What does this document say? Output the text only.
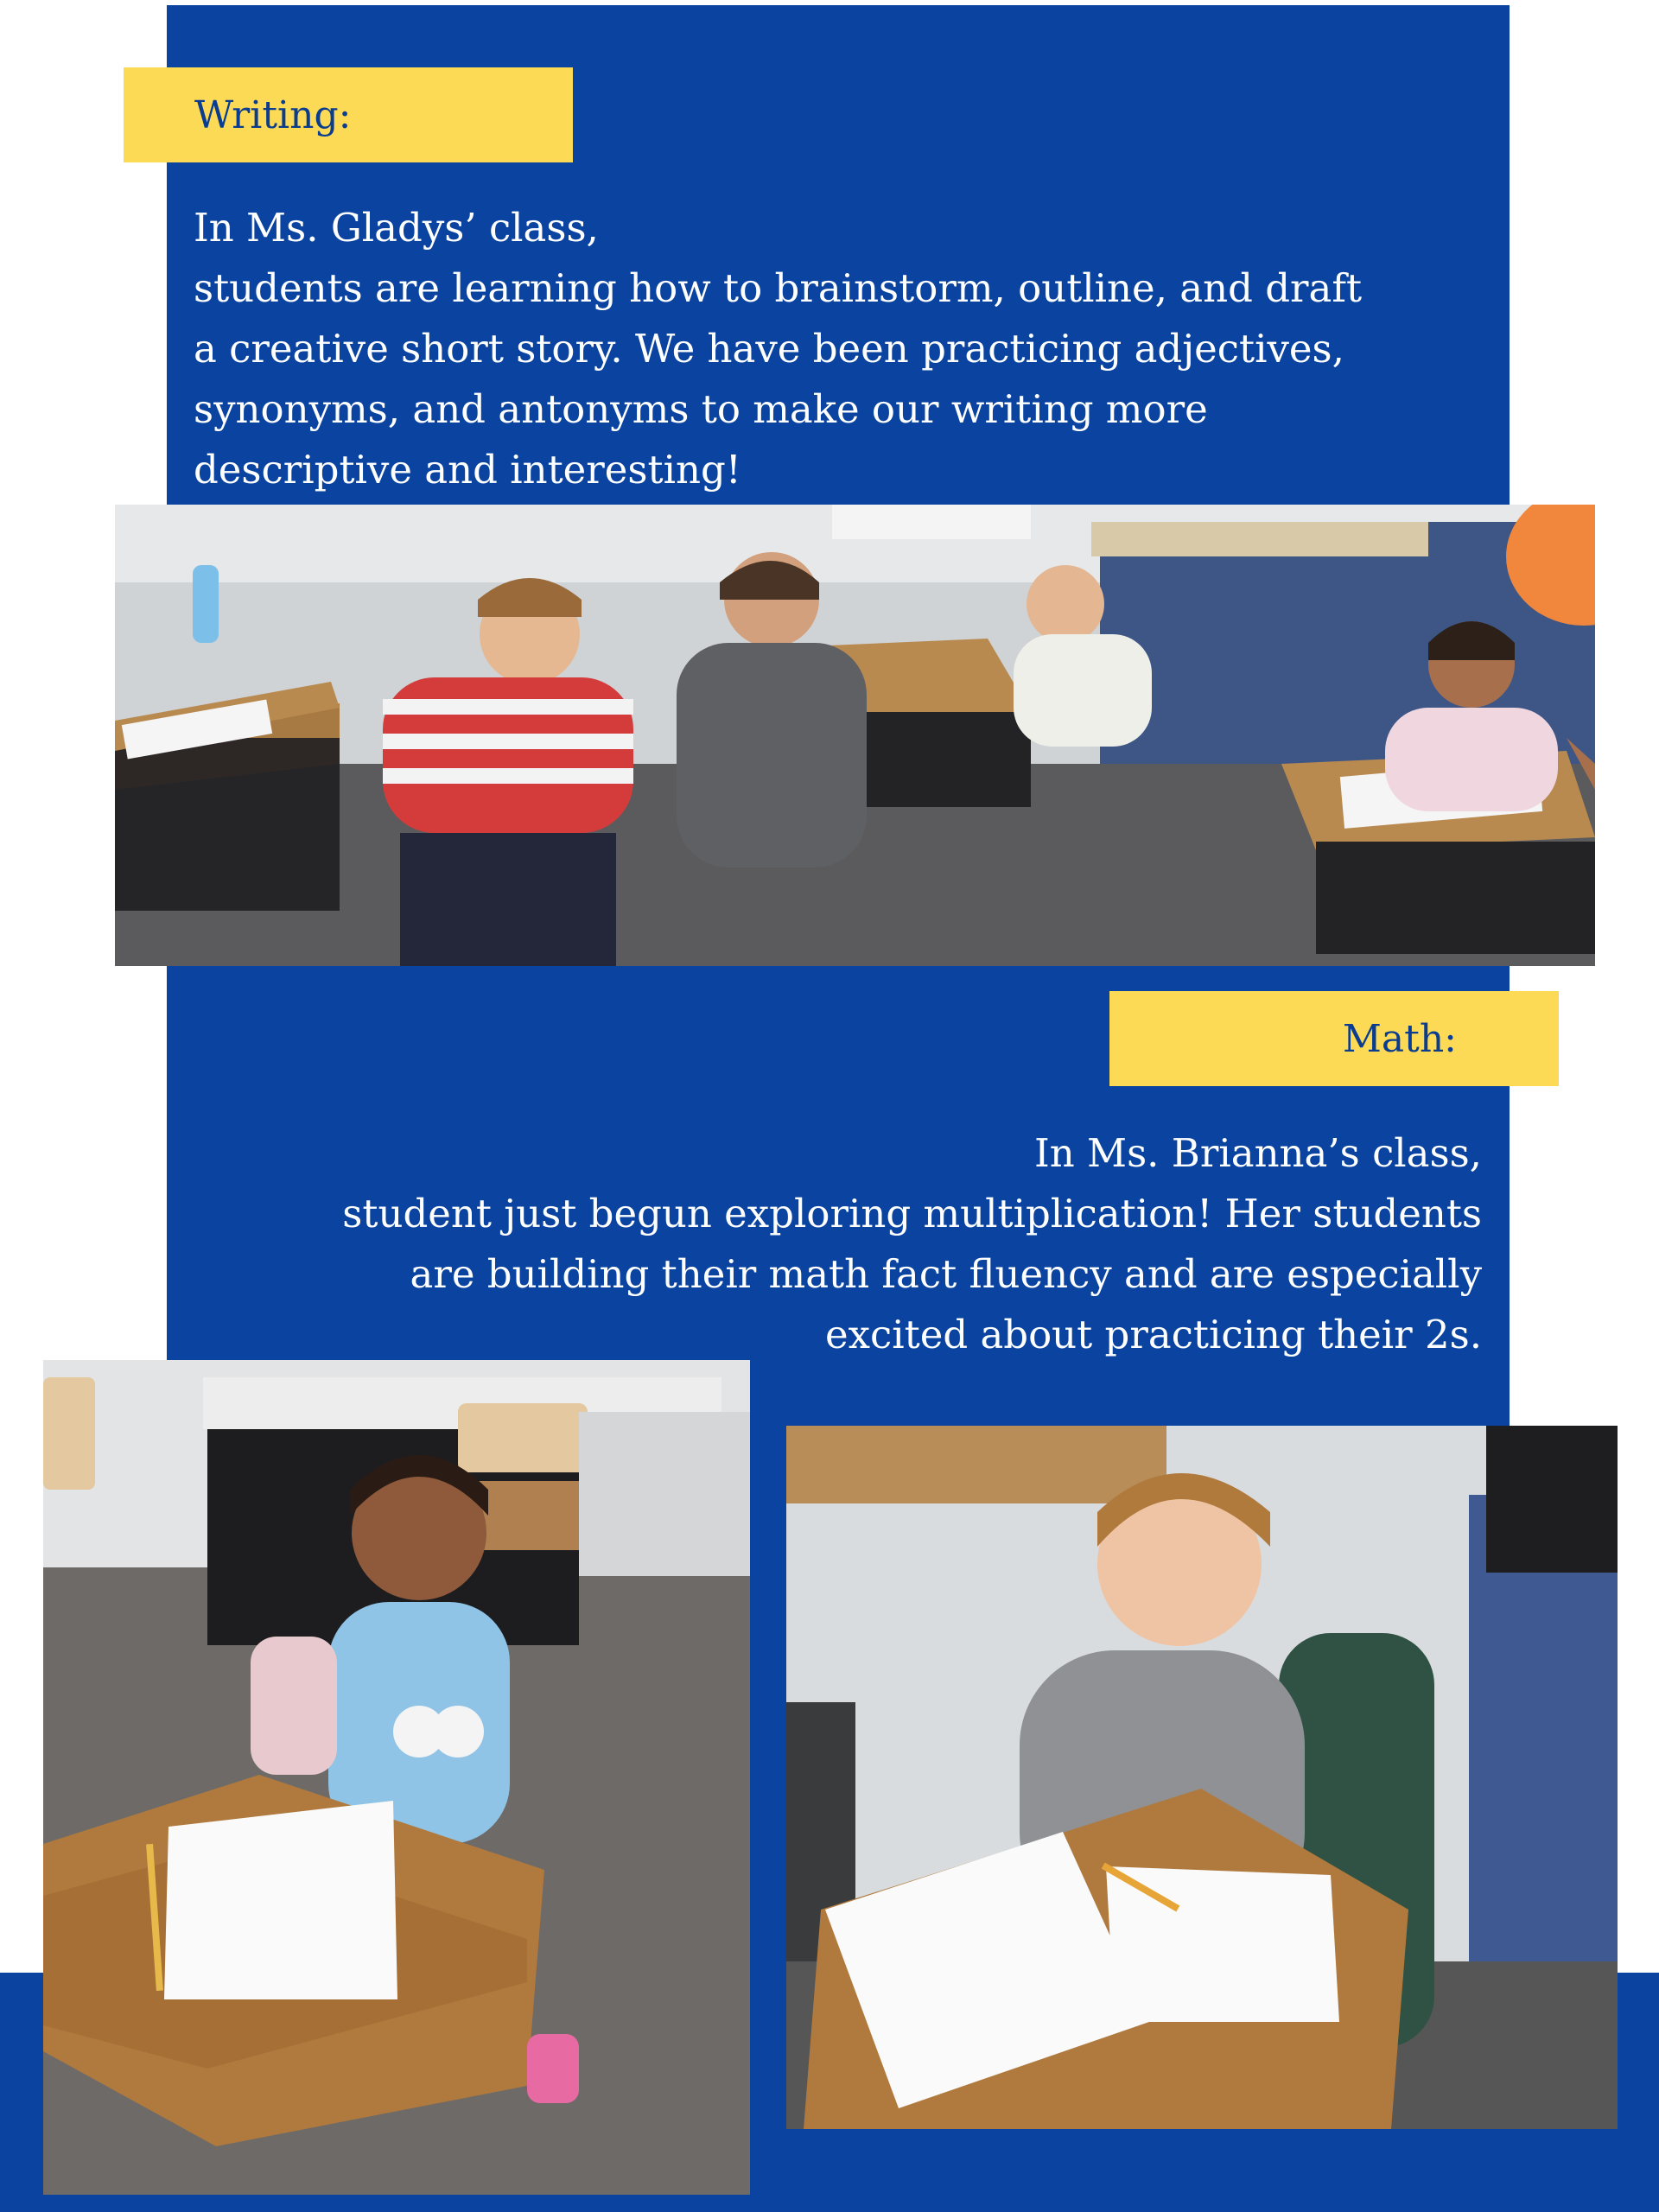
Writing:
In Ms. Gladys’ class,
students are learning how to brainstorm, outline, and draft
a creative short story. We have been practicing adjectives,
synonyms, and antonyms to make our writing more
descriptive and interesting!
Math:
In Ms. Brianna’s class,
student just begun exploring multiplication! Her students
are building their math fact fluency and are especially
excited about practicing their 2s.
